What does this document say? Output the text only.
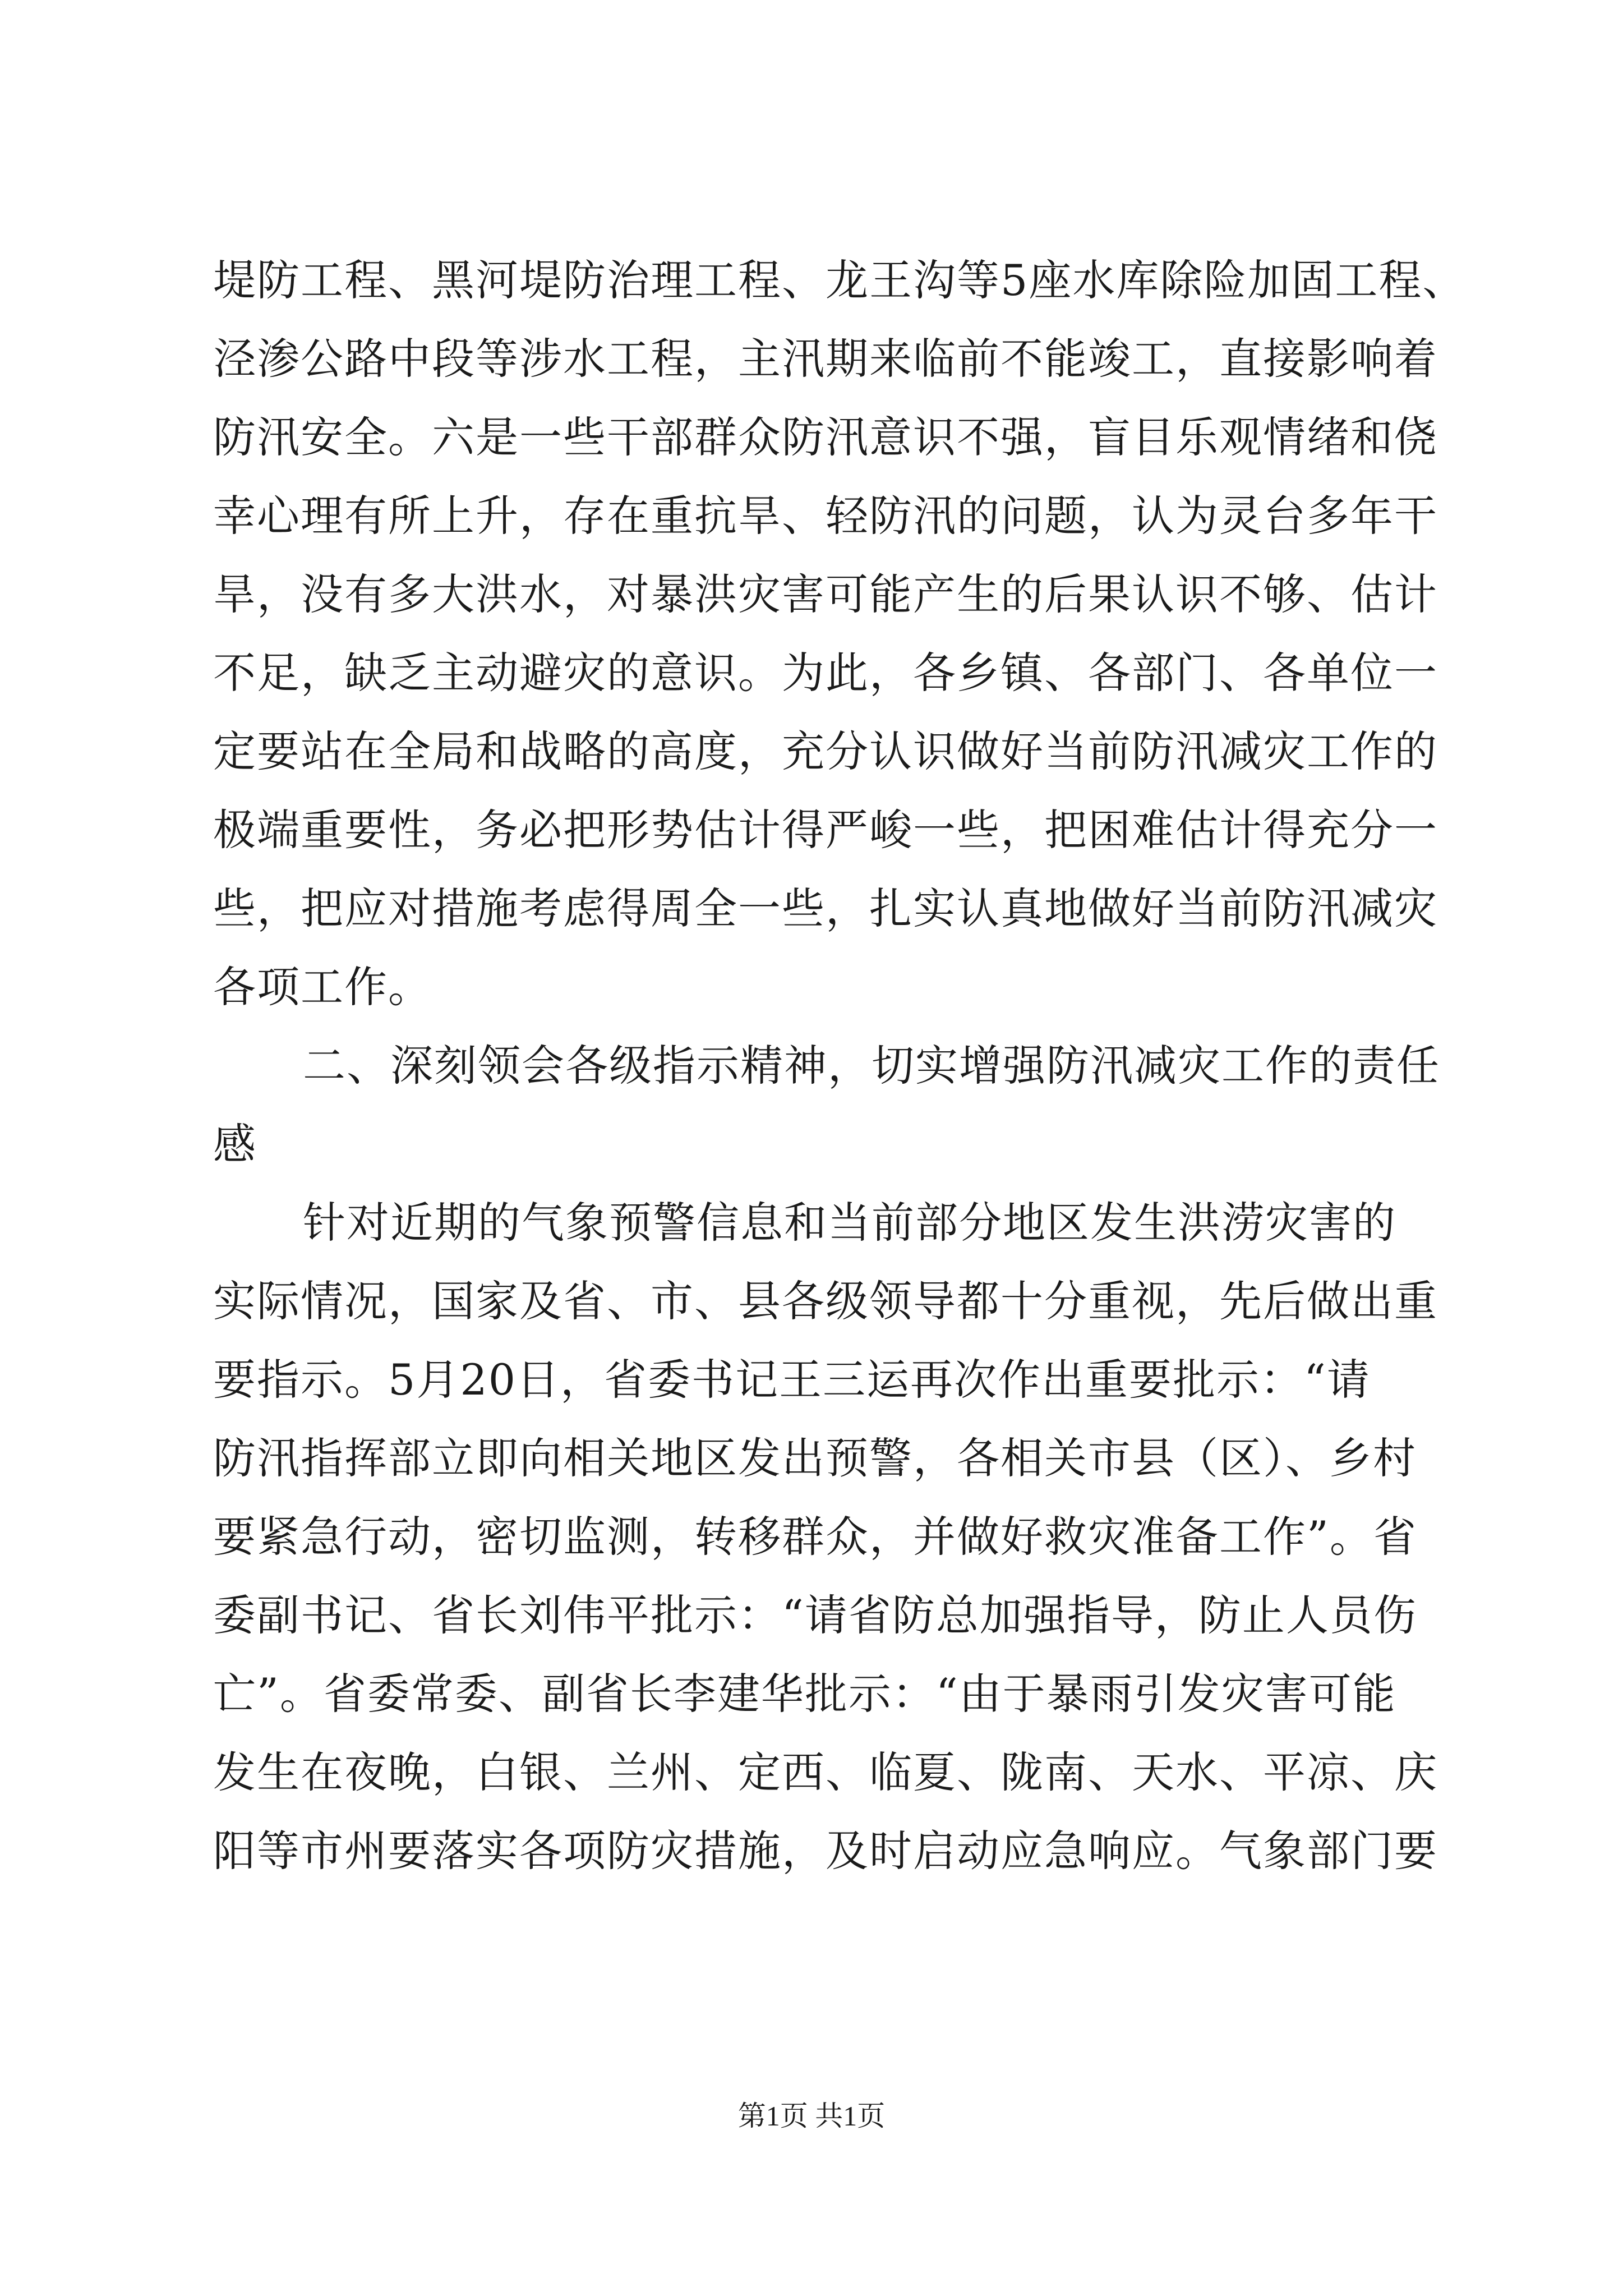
堤防工程、黑河堤防治理工程、龙王沟等5座水库除险加固工程、
泾渗公路中段等涉水工程，主汛期来临前不能竣工，直接影响着
防汛安全。六是一些干部群众防汛意识不强，盲目乐观情绪和侥
幸心理有所上升，存在重抗旱、轻防汛的问题，认为灵台多年干
旱，没有多大洪水，对暴洪灾害可能产生的后果认识不够、估计
不足，缺乏主动避灾的意识。为此，各乡镇、各部门、各单位一
定要站在全局和战略的高度，充分认识做好当前防汛减灾工作的
极端重要性，务必把形势估计得严峻一些，把困难估计得充分一
些，把应对措施考虑得周全一些，扎实认真地做好当前防汛减灾
各项工作。
二、深刻领会各级指示精神，切实增强防汛减灾工作的责任
感
针对近期的气象预警信息和当前部分地区发生洪涝灾害的
实际情况，国家及省、市、县各级领导都十分重视，先后做出重
要指示。5月20日，省委书记王三运再次作出重要批示：“请
防汛指挥部立即向相关地区发出预警，各相关市县（区）、乡村
要紧急行动，密切监测，转移群众，并做好救灾准备工作”。省
委副书记、省长刘伟平批示：“请省防总加强指导，防止人员伤
亡”。省委常委、副省长李建华批示：“由于暴雨引发灾害可能
发生在夜晚，白银、兰州、定西、临夏、陇南、天水、平凉、庆
阳等市州要落实各项防灾措施，及时启动应急响应。气象部门要
第1页 共1页
